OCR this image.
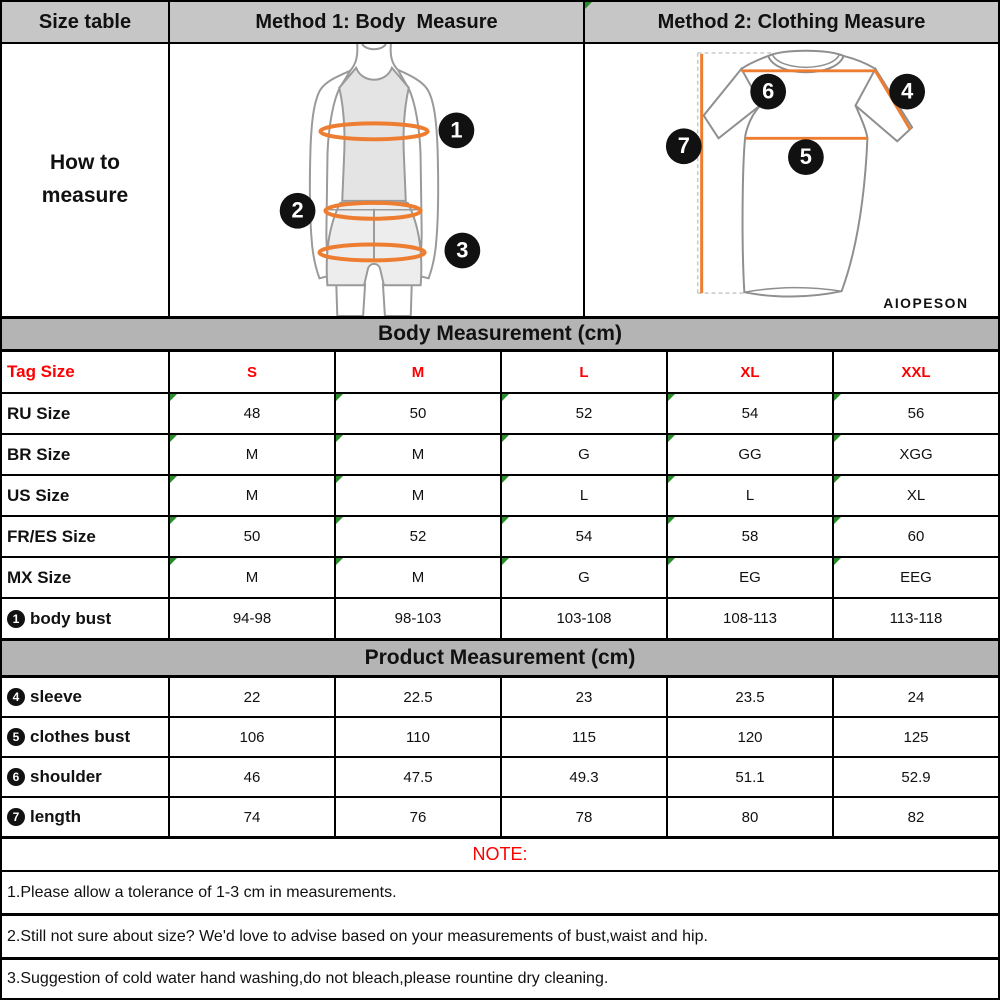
Size table	Method 1: Body  Measure	Method 2: Clothing Measure
How to measure
1
2
3
6	4
7	5
AIOPESON
Body Measurement (cm)
Tag Size	S	M	L	XL	XXL
RU Size	48	50	52	54	56
BR Size	M	M	G	GG	XGG
US Size	M	M	L	L	XL
FR/ES Size	50	52	54	58	60
MX Size	M	M	G	EG	EEG
1 body bust	94-98	98-103	103-108	108-113	113-118
Product Measurement (cm)
4 sleeve	22	22.5	23	23.5	24
5 clothes bust	106	110	115	120	125
6 shoulder	46	47.5	49.3	51.1	52.9
7 length	74	76	78	80	82
NOTE:
1.Please allow a tolerance of 1-3 cm in measurements.
2.Still not sure about size? We'd love to advise based on your measurements of bust,waist and hip.
3.Suggestion of cold water hand washing,do not bleach,please rountine dry cleaning.
